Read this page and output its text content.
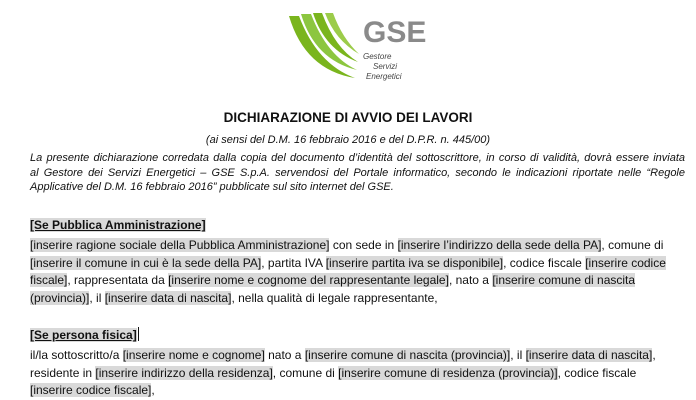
GSE
Gestore
Servizi
Energetici
DICHIARAZIONE DI AVVIO DEI LAVORI
(ai sensi del D.M. 16 febbraio 2016 e del D.P.R. n. 445/00)
La presente dichiarazione corredata dalla copia del documento d’identità del sottoscrittore, in corso di validità, dovrà essere inviata
al Gestore dei Servizi Energetici – GSE S.p.A. servendosi del Portale informatico, secondo le indicazioni riportate nelle “Regole
Applicative del D.M. 16 febbraio 2016” pubblicate sul sito internet del GSE.
[Se Pubblica Amministrazione]
[inserire ragione sociale della Pubblica Amministrazione] con sede in [inserire l’indirizzo della sede della PA], comune di
[inserire il comune in cui è la sede della PA], partita IVA [inserire partita iva se disponibile], codice fiscale [inserire codice
fiscale], rappresentata da [inserire nome e cognome del rappresentante legale], nato a [inserire comune di nascita
(provincia)], il [inserire data di nascita], nella qualità di legale rappresentante,
[Se persona fisica]
il/la sottoscritto/a [inserire nome e cognome] nato a [inserire comune di nascita (provincia)], il [inserire data di nascita],
residente in [inserire indirizzo della residenza], comune di [inserire comune di residenza (provincia)], codice fiscale
[inserire codice fiscale],
